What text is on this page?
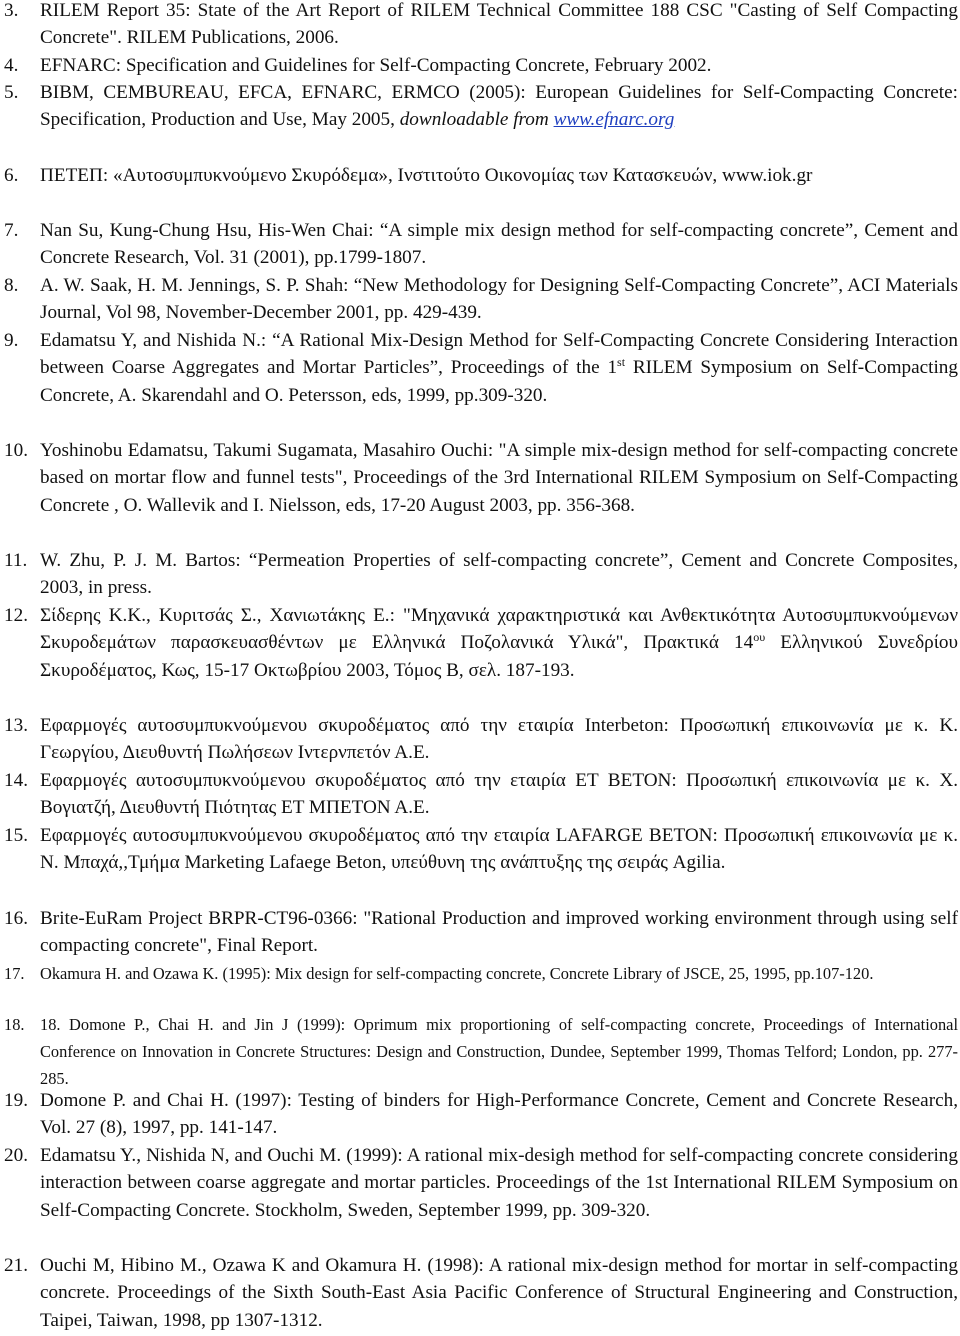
3.	RILEM Report 35: State of the Art Report of RILEM Technical Committee 188 CSC "Casting of Self Compacting Concrete". RILEM Publications, 2006.
4.	EFNARC: Specification and Guidelines for Self-Compacting Concrete, February 2002.
5.	BIBM, CEMBUREAU, EFCA, EFNARC, ERMCO (2005): European Guidelines for Self-Compacting Concrete: Specification, Production and Use, May 2005, downloadable from www.efnarc.org
6.	ΠΕΤΕΠ: «Αυτοσυμπυκνούμενο Σκυρόδεμα», Ινστιτούτο Οικονομίας των Κατασκευών, www.iok.gr
7.	Nan Su, Kung-Chung Hsu, His-Wen Chai: “A simple mix design method for self-compacting concrete”, Cement and Concrete Research, Vol. 31 (2001), pp.1799-1807.
8.	A. W. Saak, H. M. Jennings, S. P. Shah: “New Methodology for Designing Self-Compacting Concrete”, ACI Materials Journal, Vol 98, November-December 2001, pp. 429-439.
9.	Edamatsu Y, and Nishida N.: “A Rational Mix-Design Method for Self-Compacting Concrete Considering Interaction between Coarse Aggregates and Mortar Particles”, Proceedings of the 1st RILEM Symposium on Self-Compacting Concrete, A. Skarendahl and O. Petersson, eds, 1999, pp.309-320.
10. Yoshinobu Edamatsu, Takumi Sugamata, Masahiro Ouchi: "A simple mix-design method for self-compacting concrete based on mortar flow and funnel tests", Proceedings of the 3rd International RILEM Symposium on Self-Compacting Concrete , O. Wallevik and I. Nielsson, eds, 17-20 August 2003, pp. 356-368.
11. W. Zhu, P. J. M. Bartos: “Permeation Properties of self-compacting concrete”, Cement and Concrete Composites, 2003, in press.
12. Σίδερης Κ.Κ., Κυριτσάς Σ., Χανιωτάκης Ε.: "Μηχανικά χαρακτηριστικά και Ανθεκτικότητα Αυτοσυμπυκνούμενων Σκυροδεμάτων παρασκευασθέντων με Ελληνικά Ποζολανικά Υλικά", Πρακτικά $14^{o\upsilon}$ Ελληνικού Συνεδρίου Σκυροδέματος, Κως, 15-17 Οκτωβρίου 2003, Τόμος Β, σελ. 187-193.
13. Εφαρμογές αυτοσυμπυκνούμενου σκυροδέματος από την εταιρία Interbeton: Προσωπική επικοινωνία με κ. Κ. Γεωργίου, Διευθυντή Πωλήσεων Ιντερνπετόν Α.Ε.
14. Εφαρμογές αυτοσυμπυκνούμενου σκυροδέματος από την εταιρία ΕΤ ΒΕΤΟΝ: Προσωπική επικοινωνία με κ. Χ. Βογιατζή, Διευθυντή Πιότητας ΕΤ ΜΠΕΤΟΝ Α.Ε.
15. Εφαρμογές αυτοσυμπυκνούμενου σκυροδέματος από την εταιρία LAFARGE BETON: Προσωπική επικοινωνία με κ. Ν. Μπαχά,,Τμήμα Marketing Lafaege Beton, υπεύθυνη της ανάπτυξης της σειράς Agilia.
16. Brite-EuRam Project BRPR-CT96-0366: "Rational Production and improved working environment through using self compacting concrete", Final Report.
17. Okamura H. and Ozawa K. (1995): Mix design for self-compacting concrete, Concrete Library of JSCE, 25, 1995, pp.107-120.
18. 18. Domone P., Chai H. and Jin J (1999): Oprimum mix proportioning of self-compacting concrete, Proceedings of International Conference on Innovation in Concrete Structures: Design and Construction, Dundee, September 1999, Thomas Telford; London, pp. 277-285.
19. Domone P. and Chai H. (1997): Testing of binders for High-Performance Concrete, Cement and Concrete Research, Vol. 27 (8), 1997, pp. 141-147.
20. Edamatsu Y., Nishida N, and Ouchi M. (1999): A rational mix-desigh method for self-compacting concrete considering interaction between coarse aggregate and mortar particles. Proceedings of the 1st International RILEM Symposium on Self-Compacting Concrete. Stockholm, Sweden, September 1999, pp. 309-320.
21. Ouchi M, Hibino M., Ozawa K and Okamura H. (1998): A rational mix-design method for mortar in self-compacting concrete. Proceedings of the Sixth South-East Asia Pacific Conference of Structural Engineering and Construction, Taipei, Taiwan, 1998, pp 1307-1312.
